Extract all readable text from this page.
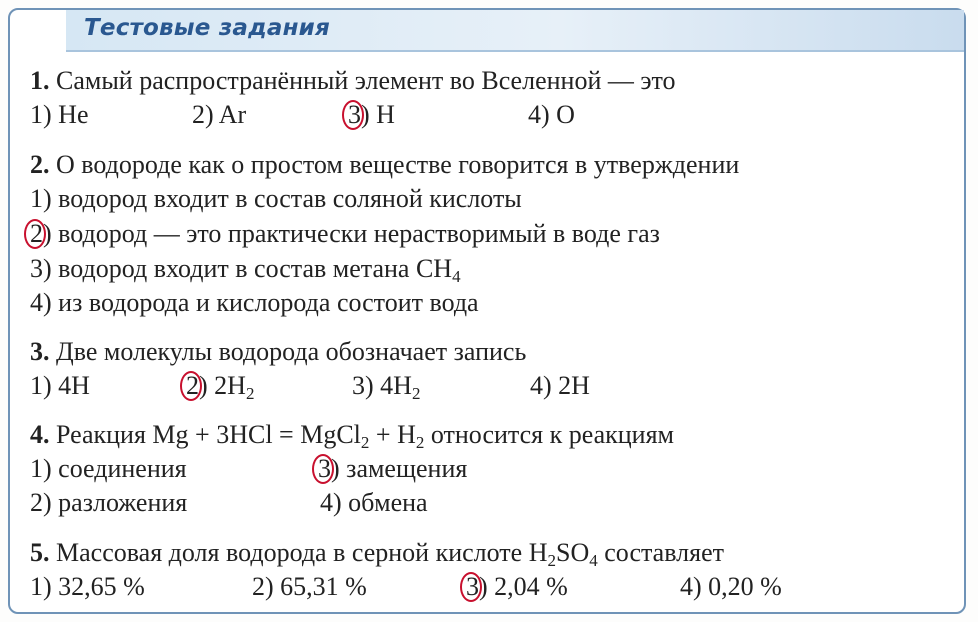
Тестовые задания
1. Самый распространённый элемент во Вселенной — это
1) He	2) Ar	3) H	4) O
2. О водороде как о простом веществе говорится в утверждении
1) водород входит в состав соляной кислоты
2) водород — это практически нерастворимый в воде газ
3) водород входит в состав метана $CH_4$
4) из водорода и кислорода состоит вода
3. Две молекулы водорода обозначает запись
1) 4H	2) $2H_2$	3) $4H_2$	4) 2H
4. Реакция Mg + 3HCl = MgCl$_2$ + $H_2$ относится к реакциям
1) соединения	3) замещения
2) разложения	4) обмена
5. Массовая доля водорода в серной кислоте $H_2SO_4$ составляет
1) 32,65 %	2) 65,31 %	3) 2,04 %	4) 0,20 %
